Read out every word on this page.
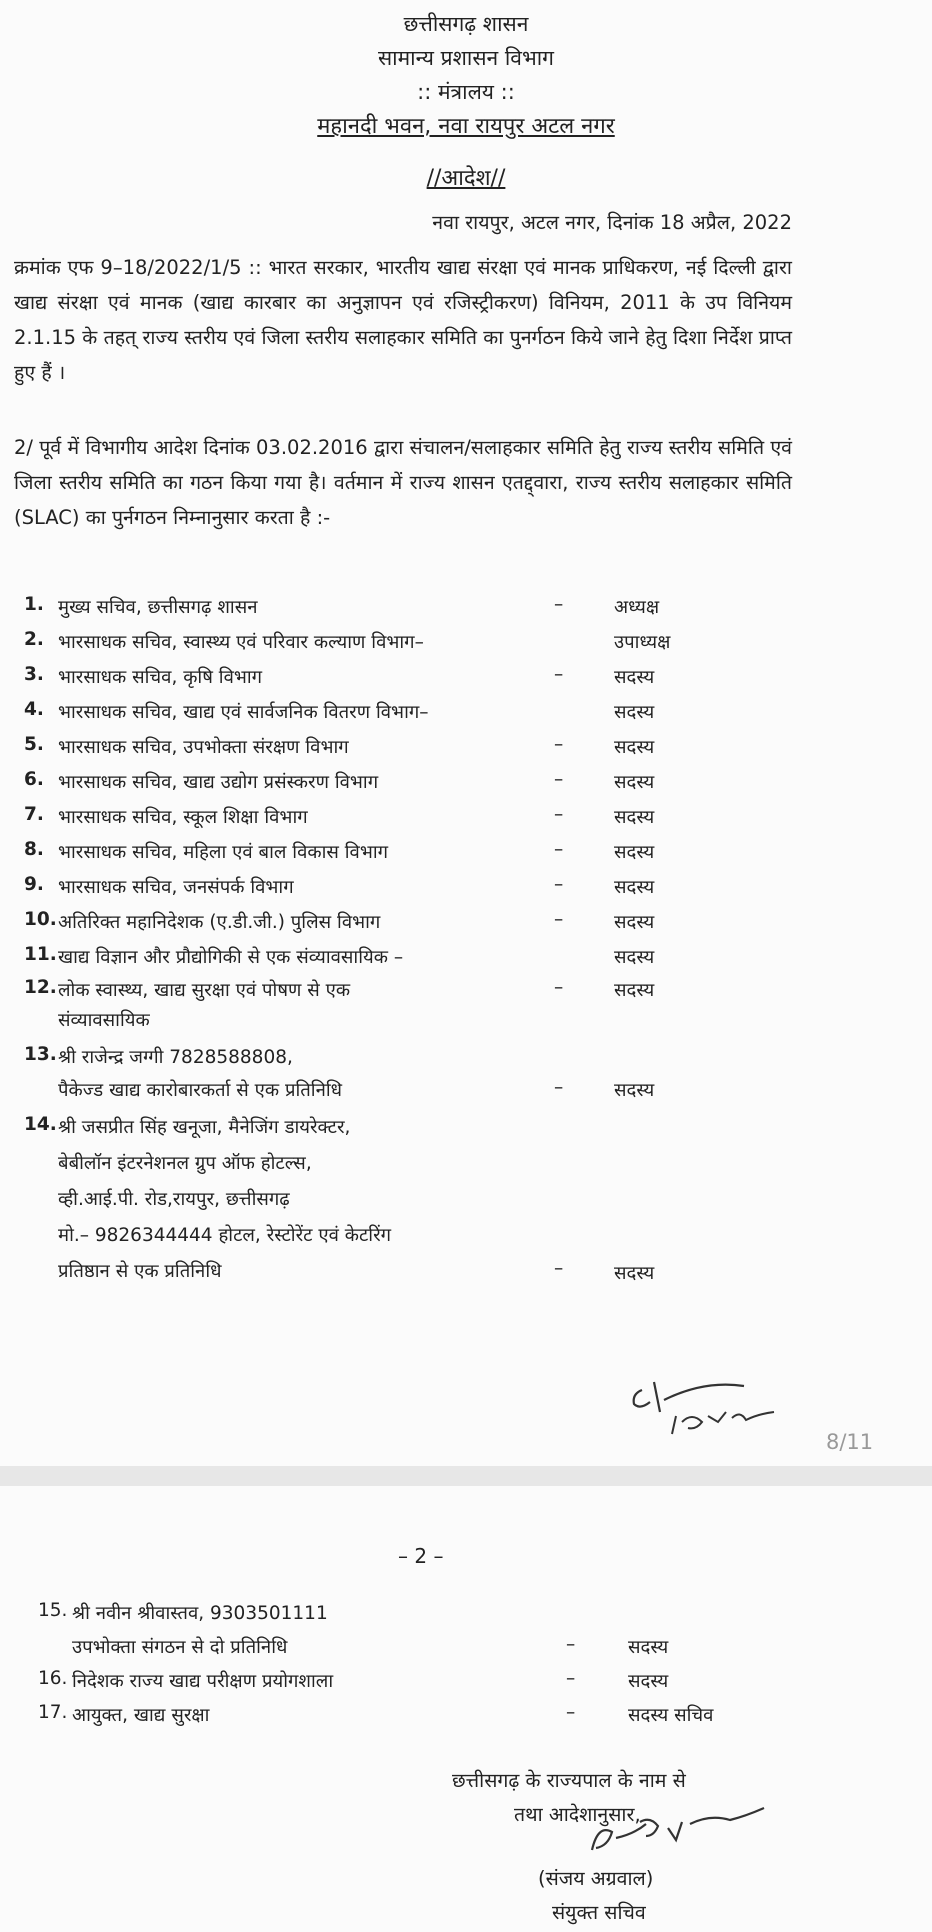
छत्तीसगढ़ शासन
सामान्य प्रशासन विभाग
:: मंत्रालय ::
महानदी भवन, नवा रायपुर अटल नगर
//आदेश//
नवा रायपुर, अटल नगर, दिनांक 18 अप्रैल, 2022
क्रमांक एफ 9–18/2022/1/5 :: भारत सरकार, भारतीय खाद्य संरक्षा एवं मानक प्राधिकरण, नई दिल्ली द्वारा खाद्य संरक्षा एवं मानक (खाद्य कारबार का अनुज्ञापन एवं रजिस्ट्रीकरण) विनियम, 2011 के उप विनियम 2.1.15 के तहत् राज्य स्तरीय एवं जिला स्तरीय सलाहकार समिति का पुनर्गठन किये जाने हेतु दिशा निर्देश प्राप्त हुए हैं ।
2/ पूर्व में विभागीय आदेश दिनांक 03.02.2016 द्वारा संचालन/सलाहकार समिति हेतु राज्य स्तरीय समिति एवं जिला स्तरीय समिति का गठन किया गया है। वर्तमान में राज्य शासन एतद्द्वारा, राज्य स्तरीय सलाहकार समिति (SLAC) का पुर्नगठन निम्नानुसार करता है :-
1. मुख्य सचिव, छत्तीसगढ़ शासन	–	अध्यक्ष
2. भारसाधक सचिव, स्वास्थ्य एवं परिवार कल्याण विभाग–	उपाध्यक्ष
3. भारसाधक सचिव, कृषि विभाग	–	सदस्य
4. भारसाधक सचिव, खाद्य एवं सार्वजनिक वितरण विभाग–	सदस्य
5. भारसाधक सचिव, उपभोक्ता संरक्षण विभाग	–	सदस्य
6. भारसाधक सचिव, खाद्य उद्योग प्रसंस्करण विभाग	–	सदस्य
7. भारसाधक सचिव, स्कूल शिक्षा विभाग	–	सदस्य
8. भारसाधक सचिव, महिला एवं बाल विकास विभाग	–	सदस्य
9. भारसाधक सचिव, जनसंपर्क विभाग	–	सदस्य
10. अतिरिक्त महानिदेशक (ए.डी.जी.) पुलिस विभाग	–	सदस्य
11. खाद्य विज्ञान और प्रौद्योगिकी से एक संव्यावसायिक –	सदस्य
12. लोक स्वास्थ्य, खाद्य सुरक्षा एवं पोषण से एक	–	सदस्य
संव्यावसायिक
13. श्री राजेन्द्र जग्गी 7828588808,
पैकेज्ड खाद्य कारोबारकर्ता से एक प्रतिनिधि	–	सदस्य
14. श्री जसप्रीत सिंह खनूजा, मैनेजिंग डायरेक्टर,
बेबीलॉन इंटरनेशनल ग्रुप ऑफ होटल्स,
व्ही.आई.पी. रोड,रायपुर, छत्तीसगढ़
मो.– 9826344444 होटल, रेस्टोरेंट एवं केटरिंग
प्रतिष्ठान से एक प्रतिनिधि	–	सदस्य
8/11
– 2 –
15. श्री नवीन श्रीवास्तव, 9303501111
उपभोक्ता संगठन से दो प्रतिनिधि	–	सदस्य
16. निदेशक राज्य खाद्य परीक्षण प्रयोगशाला	–	सदस्य
17. आयुक्त, खाद्य सुरक्षा	–	सदस्य सचिव
छत्तीसगढ़ के राज्यपाल के नाम से
तथा आदेशानुसार,
(संजय अग्रवाल)
संयुक्त सचिव
